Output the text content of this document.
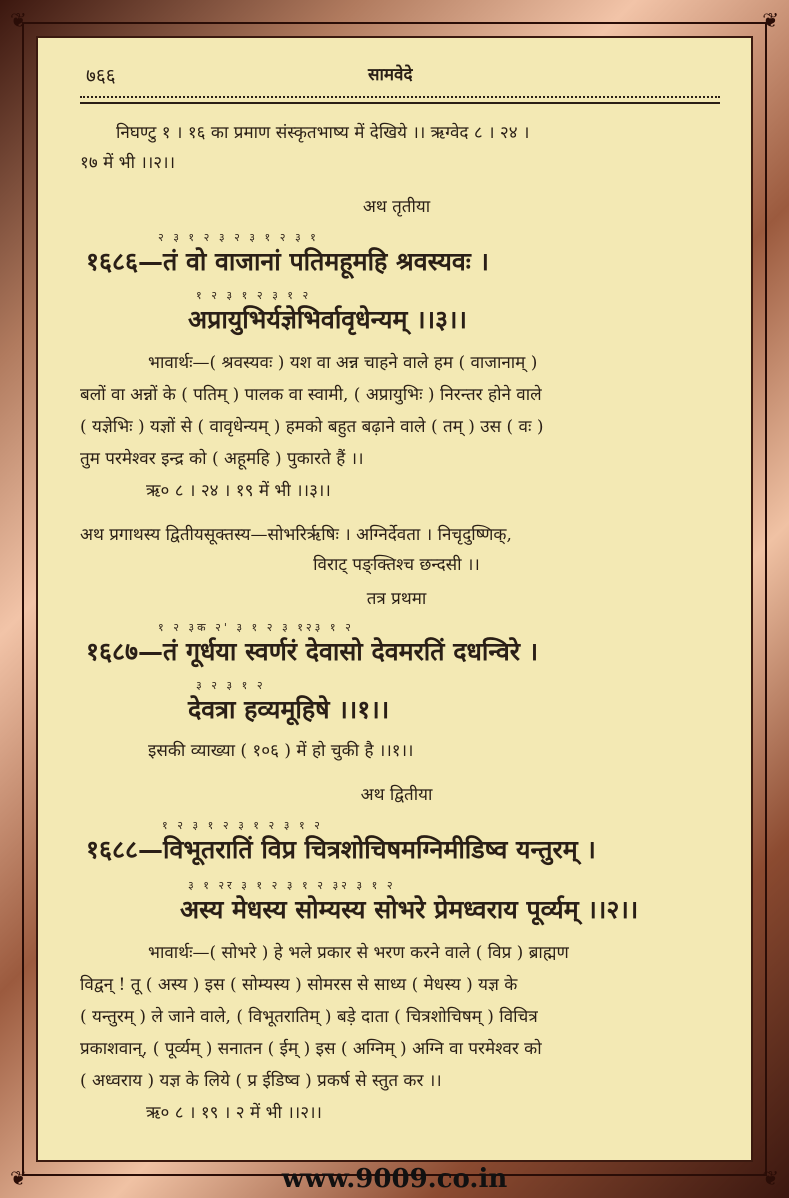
❦	❦
❦	❦
७६६	सामवेदे
निघण्टु १ । १६ का प्रमाण संस्कृतभाष्य में देखिये ।। ऋग्वेद ८ । २४ ।
१७ में भी ।।२।।
अथ तृतीया
२ ३ १ २ ३ २ ३ १ २ ३ १
१६८६—तं वो वाजानां पतिमहूमहि श्रवस्यवः ।
१ २ ३ १ २ ३ १ २
अप्रायुभिर्यज्ञेभिर्वावृधेन्यम् ।।३।।
भावार्थः—( श्रवस्यवः ) यश वा अन्न चाहने वाले हम ( वाजानाम् )
बलों वा अन्नों के ( पतिम् ) पालक वा स्वामी, ( अप्रायुभिः ) निरन्तर होने वाले
( यज्ञेभिः ) यज्ञों से ( वावृधेन्यम् ) हमको बहुत बढ़ाने वाले ( तम् ) उस ( वः )
तुम परमेश्वर इन्द्र को ( अहूमहि ) पुकारते हैं ।।
ऋ० ८ । २४ । १९ में भी ।।३।।
अथ प्रगाथस्य द्वितीयसूक्तस्य—सोभरिर्ऋषिः । अग्निर्देवता । निचृदुष्णिक्,
विराट् पङ्क्तिश्च छन्दसी ।।
तत्र प्रथमा
१ २ ३क २' ३ १ २ ३ १२३ १ २
१६८७—तं गूर्धया स्वर्णरं देवासो देवमरतिं दधन्विरे ।
३ २ ३ १ २
देवत्रा हव्यमूहिषे ।।१।।
इसकी व्याख्या ( १०६ ) में हो चुकी है ।।१।।
अथ द्वितीया
१ २ ३ १ २ ३ १ २ ३ १ २
१६८८—विभूतरातिं विप्र चित्रशोचिषमग्निमीडिष्व यन्तुरम् ।
३ १ २र ३ १ २ ३ १ २ ३२ ३ १ २
अस्य मेधस्य सोम्यस्य सोभरे प्रेमध्वराय पूर्व्यम् ।।२।।
भावार्थः—( सोभरे ) हे भले प्रकार से भरण करने वाले ( विप्र ) ब्राह्मण
विद्वन् ! तू ( अस्य ) इस ( सोम्यस्य ) सोमरस से साध्य ( मेधस्य ) यज्ञ के
( यन्तुरम् ) ले जाने वाले, ( विभूतरातिम् ) बड़े दाता ( चित्रशोचिषम् ) विचित्र
प्रकाशवान्, ( पूर्व्यम् ) सनातन ( ईम् ) इस ( अग्निम् ) अग्नि वा परमेश्वर को
( अध्वराय ) यज्ञ के लिये ( प्र ईडिष्व ) प्रकर्ष से स्तुत कर ।।
ऋ० ८ । १९ । २ में भी ।।२।।
www.9009.co.in
